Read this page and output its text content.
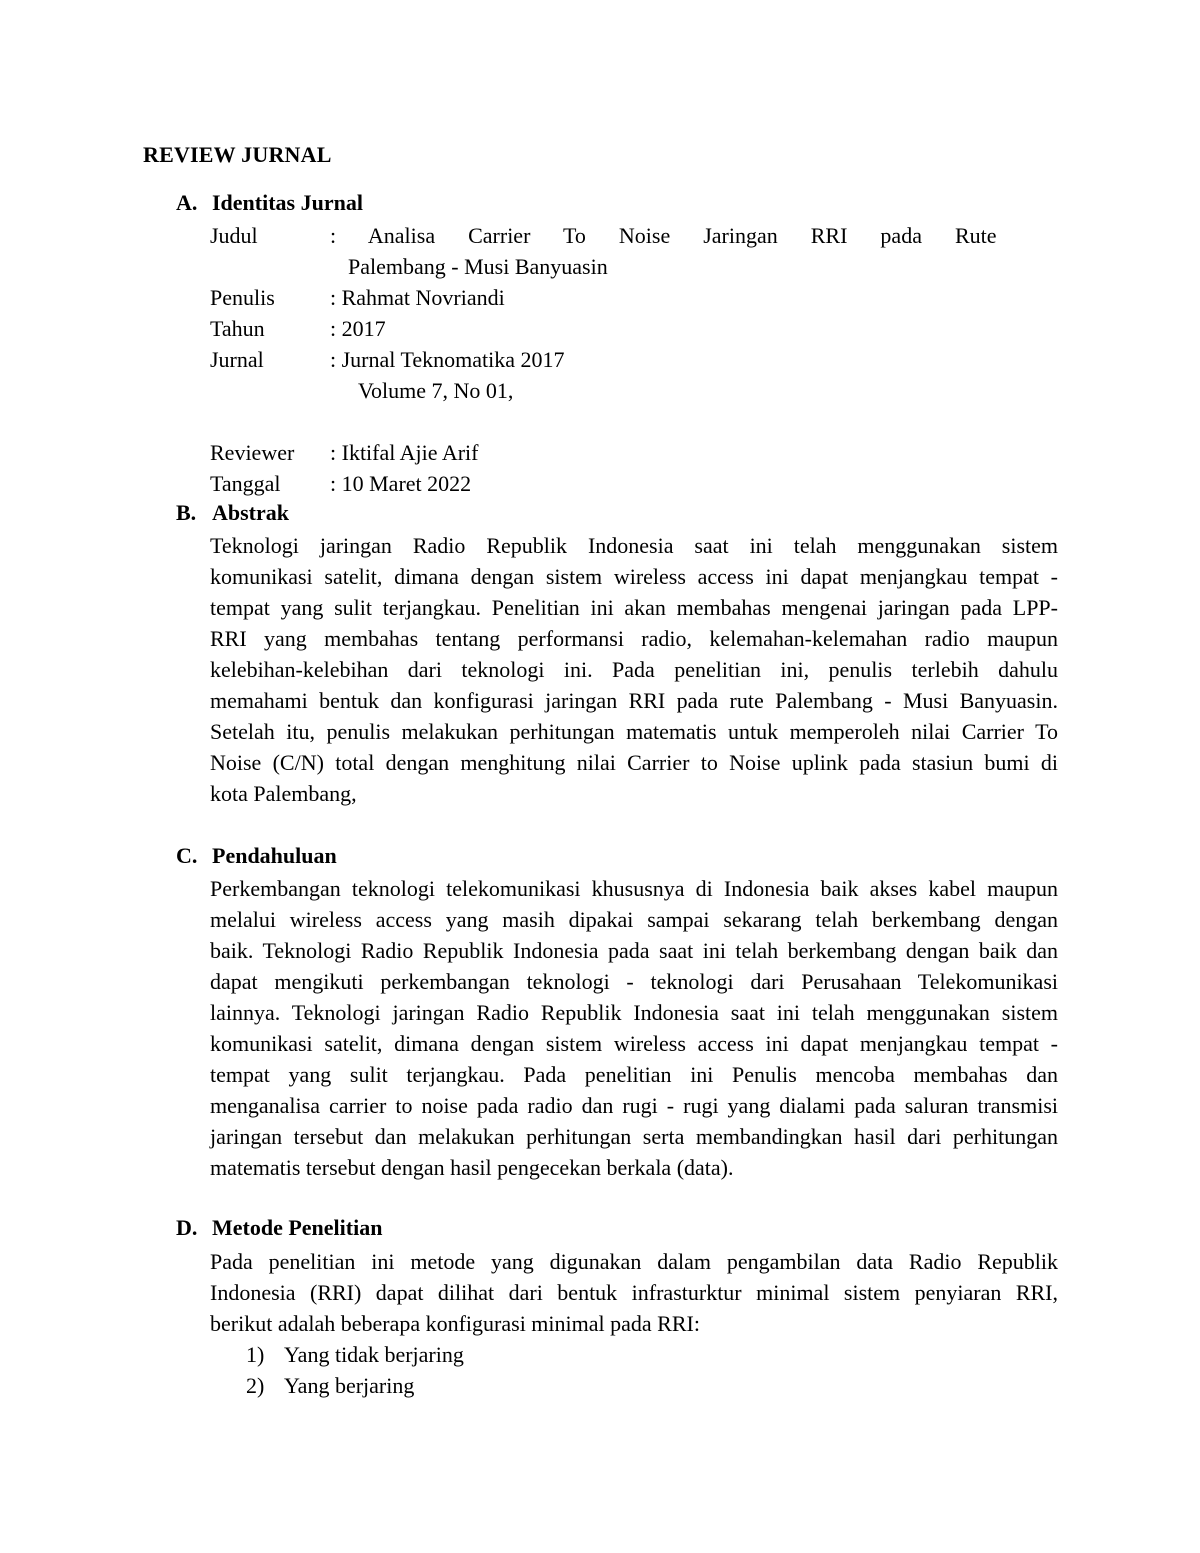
REVIEW JURNAL
A. Identitas Jurnal
Judul	:      Analisa      Carrier      To      Noise      Jaringan      RRI      pada      Rute
Palembang - Musi Banyuasin
Penulis	: Rahmat Novriandi
Tahun	: 2017
Jurnal	: Jurnal Teknomatika 2017
Volume 7, No 01,
Reviewer	: Iktifal Ajie Arif
Tanggal	: 10 Maret 2022
B. Abstrak
Teknologi jaringan Radio Republik Indonesia saat ini telah menggunakan sistem
komunikasi satelit, dimana dengan sistem wireless access ini dapat menjangkau tempat -
tempat yang sulit terjangkau. Penelitian ini akan membahas mengenai jaringan pada LPP-
RRI yang membahas tentang performansi radio, kelemahan-kelemahan radio maupun
kelebihan-kelebihan dari teknologi ini. Pada penelitian ini, penulis terlebih dahulu
memahami bentuk dan konfigurasi jaringan RRI pada rute Palembang - Musi Banyuasin.
Setelah itu, penulis melakukan perhitungan matematis untuk memperoleh nilai Carrier To
Noise (C/N) total dengan menghitung nilai Carrier to Noise uplink pada stasiun bumi di
kota Palembang,
C. Pendahuluan
Perkembangan teknologi telekomunikasi khususnya di Indonesia baik akses kabel maupun
melalui wireless access yang masih dipakai sampai sekarang telah berkembang dengan
baik. Teknologi Radio Republik Indonesia pada saat ini telah berkembang dengan baik dan
dapat mengikuti perkembangan teknologi - teknologi dari Perusahaan Telekomunikasi
lainnya. Teknologi jaringan Radio Republik Indonesia saat ini telah menggunakan sistem
komunikasi satelit, dimana dengan sistem wireless access ini dapat menjangkau tempat -
tempat yang sulit terjangkau. Pada penelitian ini Penulis mencoba membahas dan
menganalisa carrier to noise pada radio dan rugi - rugi yang dialami pada saluran transmisi
jaringan tersebut dan melakukan perhitungan serta membandingkan hasil dari perhitungan
matematis tersebut dengan hasil pengecekan berkala (data).
D. Metode Penelitian
Pada penelitian ini metode yang digunakan dalam pengambilan data Radio Republik
Indonesia (RRI) dapat dilihat dari bentuk infrasturktur minimal sistem penyiaran RRI,
berikut adalah beberapa konfigurasi minimal pada RRI:
1) Yang tidak berjaring
2) Yang berjaring
